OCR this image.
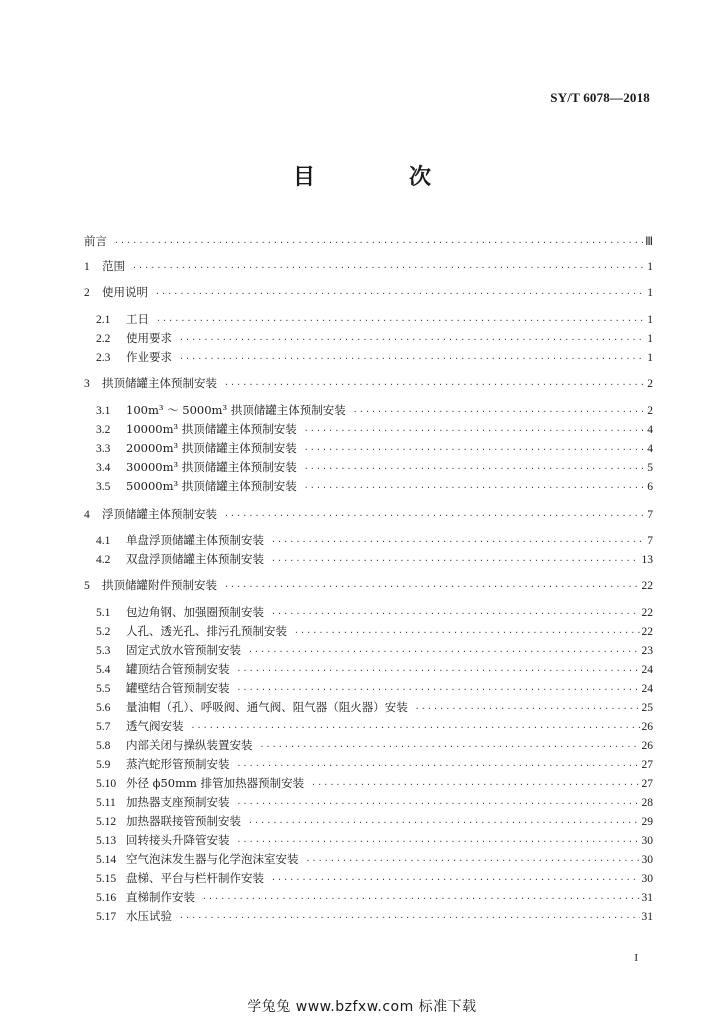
SY/T 6078—2018
目　次
前言 ·····	Ⅲ
1	范围 ·····	1
2	使用说明 ·····	1
2.1	工日 ·····	1
2.2	使用要求 ·····	1
2.3	作业要求 ·····	1
3	拱顶储罐主体预制安装 ·····	2
3.1	100m³ ～ 5000m³ 拱顶储罐主体预制安装 ·····	2
3.2	10000m³ 拱顶储罐主体预制安装 ·····	4
3.3	20000m³ 拱顶储罐主体预制安装 ·····	4
3.4	30000m³ 拱顶储罐主体预制安装 ·····	5
3.5	50000m³ 拱顶储罐主体预制安装 ·····	6
4	浮顶储罐主体预制安装 ·····	7
4.1	单盘浮顶储罐主体预制安装 ·····	7
4.2	双盘浮顶储罐主体预制安装 ·····	13
5	拱顶储罐附件预制安装 ·····	22
5.1	包边角钢、加强圈预制安装 ·····	22
5.2	人孔、透光孔、排污孔预制安装 ·····	22
5.3	固定式放水管预制安装 ·····	23
5.4	罐顶结合管预制安装 ·····	24
5.5	罐壁结合管预制安装 ·····	24
5.6	量油帽（孔）、呼吸阀、通气阀、阻气器（阻火器）安装 ·····	25
5.7	透气阀安装 ·····	26
5.8	内部关闭与操纵装置安装 ·····	26
5.9	蒸汽蛇形管预制安装 ·····	27
5.10 外径 ϕ50mm 排管加热器预制安装 ·····	27
5.11 加热器支座预制安装 ·····	28
5.12 加热器联接管预制安装 ·····	29
5.13 回转接头升降管安装 ·····	30
5.14 空气泡沫发生器与化学泡沫室安装 ·····	30
5.15 盘梯、平台与栏杆制作安装 ·····	30
5.16 直梯制作安装 ·····	31
5.17 水压试验 ·····	31
I
学兔兔 www.bzfxw.com 标准下载
